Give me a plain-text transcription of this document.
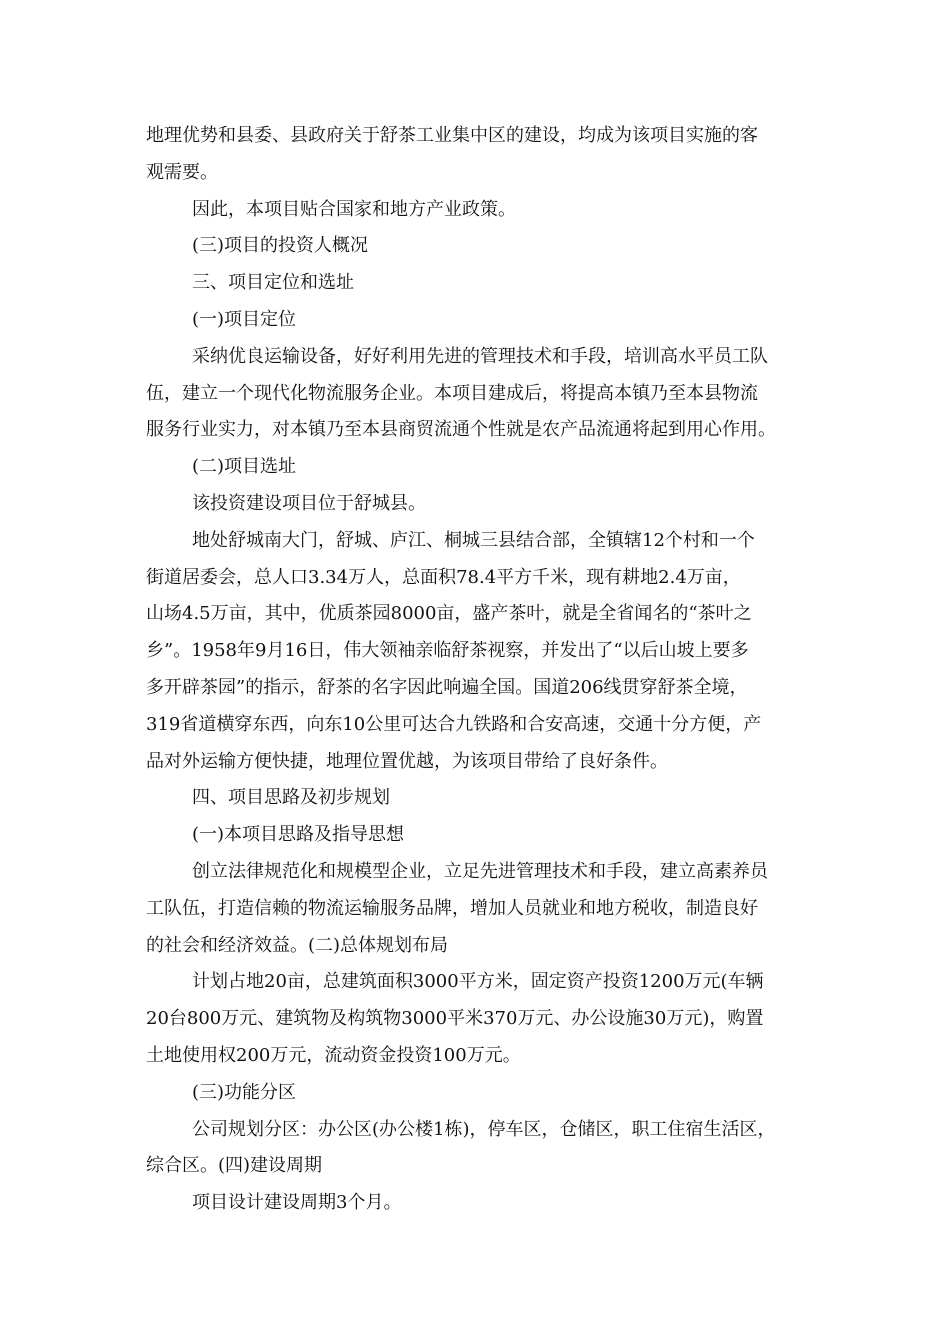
地理优势和县委、县政府关于舒茶工业集中区的建设，均成为该项目实施的客
观需要。
因此，本项目贴合国家和地方产业政策。
(三)项目的投资人概况
三、项目定位和选址
(一)项目定位
采纳优良运输设备，好好利用先进的管理技术和手段，培训高水平员工队
伍，建立一个现代化物流服务企业。本项目建成后，将提高本镇乃至本县物流
服务行业实力，对本镇乃至本县商贸流通个性就是农产品流通将起到用心作用。
(二)项目选址
该投资建设项目位于舒城县。
地处舒城南大门，舒城、庐江、桐城三县结合部，全镇辖12个村和一个
街道居委会，总人口3.34万人，总面积78.4平方千米，现有耕地2.4万亩，
山场4.5万亩，其中，优质茶园8000亩，盛产茶叶，就是全省闻名的“茶叶之
乡”。1958年9月16日，伟大领袖亲临舒茶视察，并发出了“以后山坡上要多
多开辟茶园”的指示，舒茶的名字因此响遍全国。国道206线贯穿舒茶全境，
319省道横穿东西，向东10公里可达合九铁路和合安高速，交通十分方便，产
品对外运输方便快捷，地理位置优越，为该项目带给了良好条件。
四、项目思路及初步规划
(一)本项目思路及指导思想
创立法律规范化和规模型企业，立足先进管理技术和手段，建立高素养员
工队伍，打造信赖的物流运输服务品牌，增加人员就业和地方税收，制造良好
的社会和经济效益。(二)总体规划布局
计划占地20亩，总建筑面积3000平方米，固定资产投资1200万元(车辆
20台800万元、建筑物及构筑物3000平米370万元、办公设施30万元)，购置
土地使用权200万元，流动资金投资100万元。
(三)功能分区
公司规划分区：办公区(办公楼1栋)，停车区，仓储区，职工住宿生活区，
综合区。(四)建设周期
项目设计建设周期3个月。
